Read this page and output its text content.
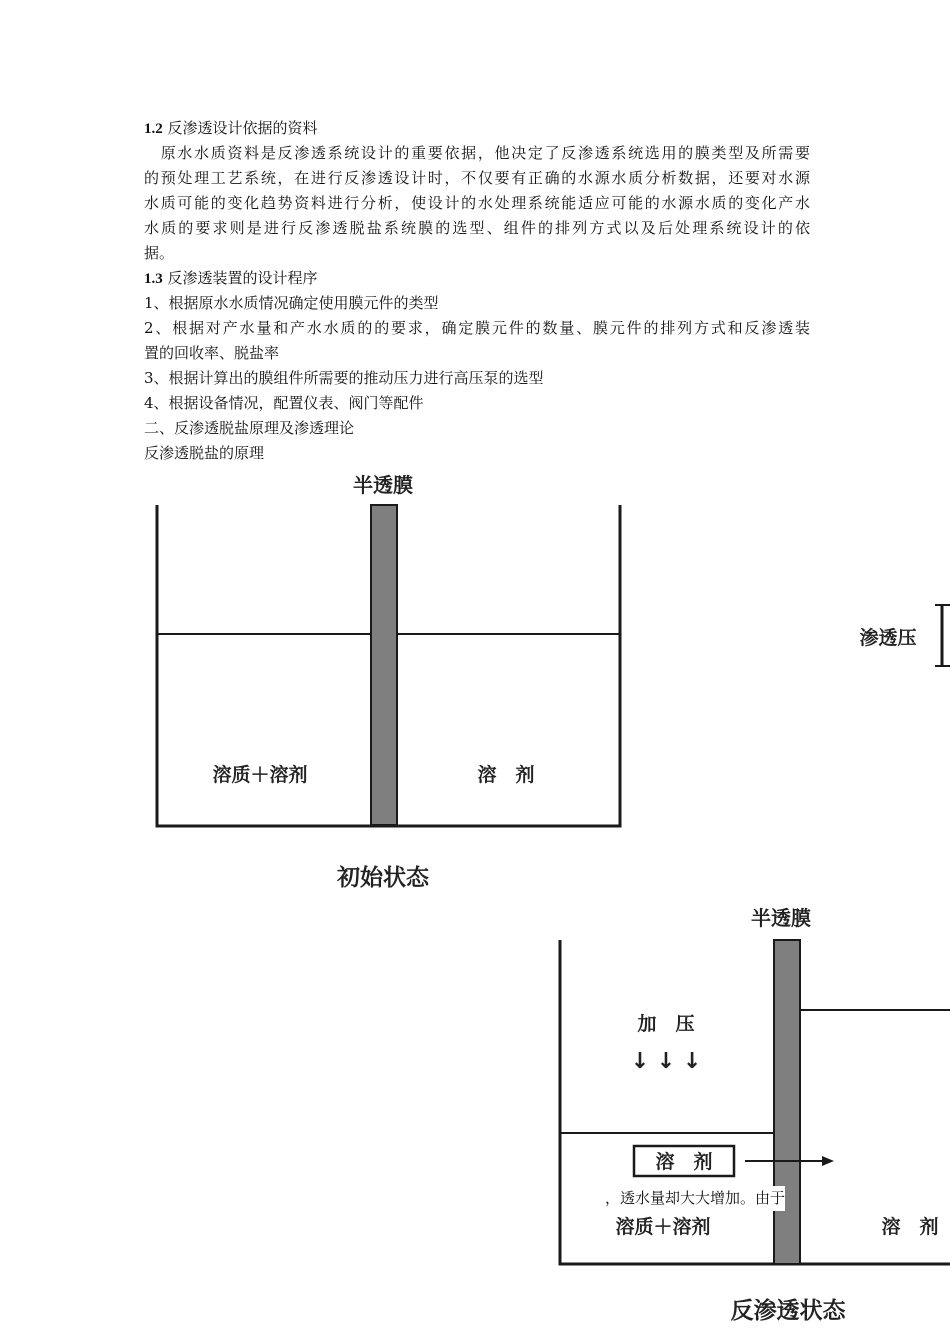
1.2 反渗透设计依据的资料
　原水水质资料是反渗透系统设计的重要依据，他决定了反渗透系统选用的膜类型及所需要
的预处理工艺系统，在进行反渗透设计时，不仅要有正确的水源水质分析数据，还要对水源
水质可能的变化趋势资料进行分析，使设计的水处理系统能适应可能的水源水质的变化产水
水质的要求则是进行反渗透脱盐系统膜的选型、组件的排列方式以及后处理系统设计的依
据。
1.3 反渗透装置的设计程序
1、根据原水水质情况确定使用膜元件的类型
2、根据对产水量和产水水质的的要求，确定膜元件的数量、膜元件的排列方式和反渗透装
置的回收率、脱盐率
3、根据计算出的膜组件所需要的推动压力进行高压泵的选型
4、根据设备情况，配置仪表、阀门等配件
二、反渗透脱盐原理及渗透理论
反渗透脱盐的原理
半透膜
溶质＋溶剂	溶　剂
初始状态
渗透压
半透膜
加　压
↓ ↓ ↓
溶　剂
溶质＋溶剂	溶　剂
反渗透状态
，透水量却大大增加。由于
